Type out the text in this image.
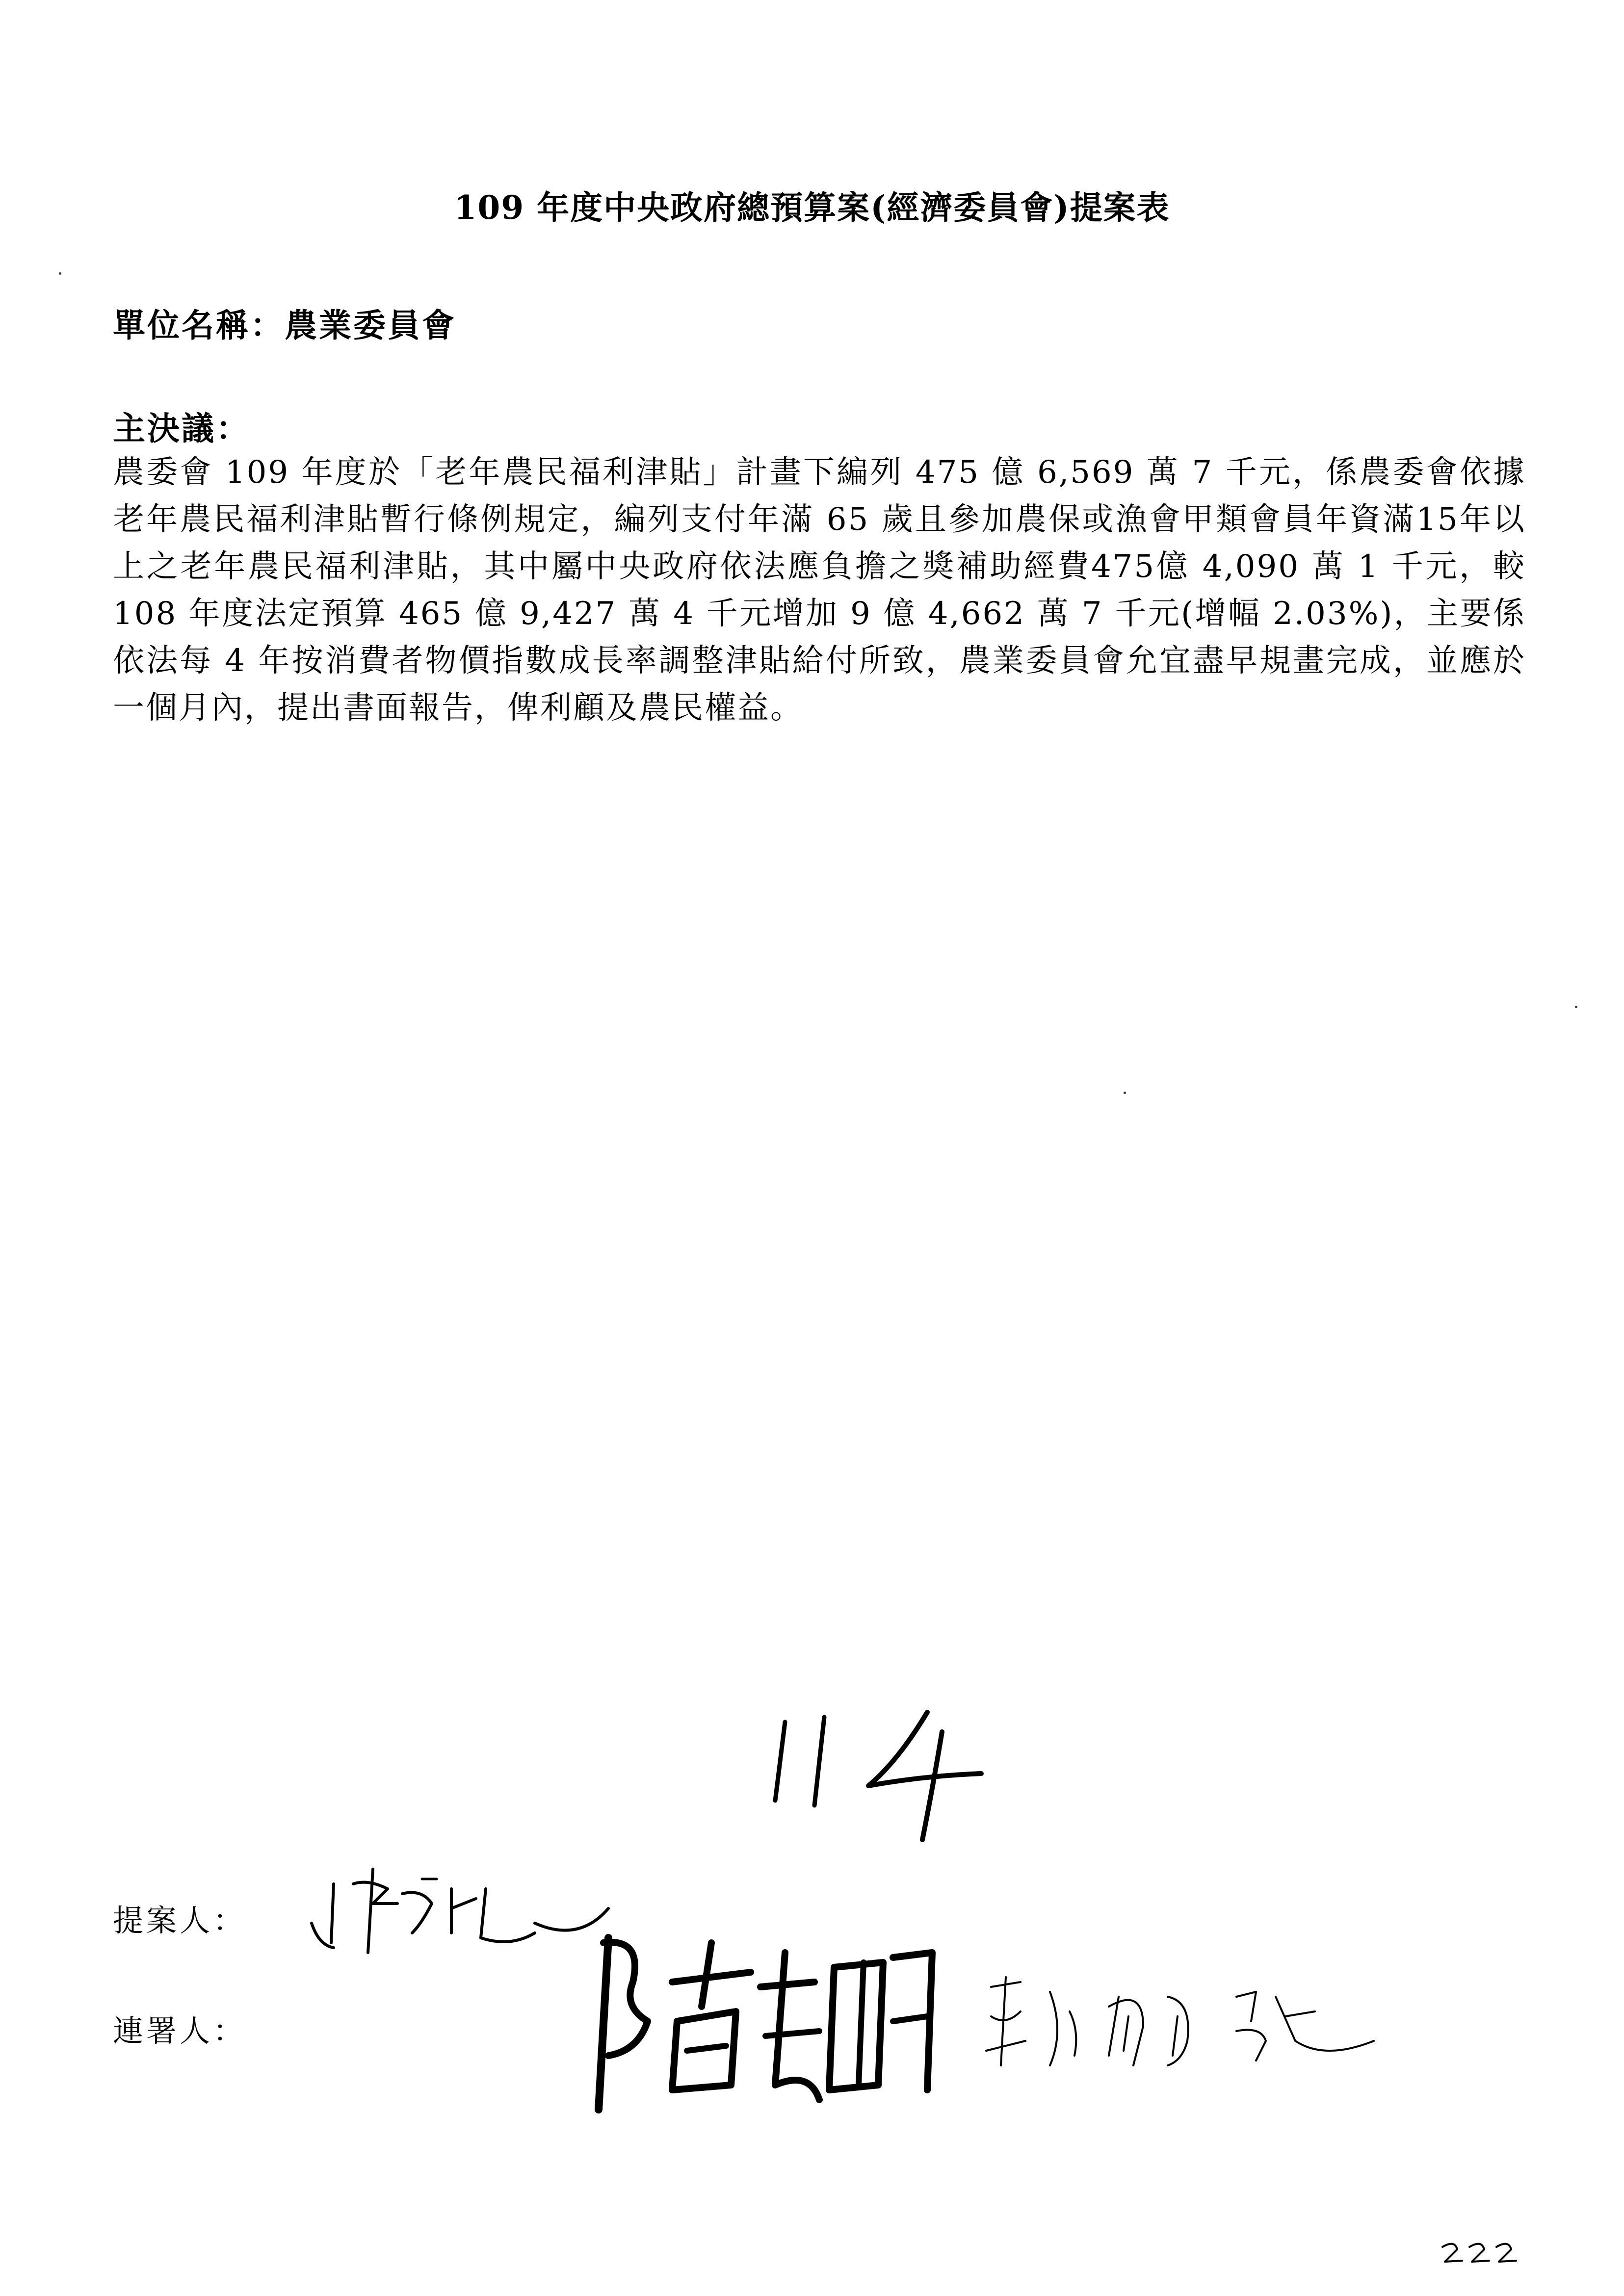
109 年度中央政府總預算案(經濟委員會)提案表
單位名稱：農業委員會
主決議：
農委會 109 年度於「老年農民福利津貼」計畫下編列 475 億 6,569 萬 7 千元，係農委會依據老年農民福利津貼暫行條例規定，編列支付年滿 65 歲且參加農保或漁會甲類會員年資滿15年以上之老年農民福利津貼，其中屬中央政府依法應負擔之獎補助經費475億 4,090 萬 1 千元，較 108 年度法定預算 465 億 9,427 萬 4 千元增加 9 億 4,662 萬 7 千元(增幅 2.03%)，主要係依法每 4 年按消費者物價指數成長率調整津貼給付所致，農業委員會允宜盡早規畫完成，並應於一個月內，提出書面報告，俾利顧及農民權益。
提案人：
連署人：
